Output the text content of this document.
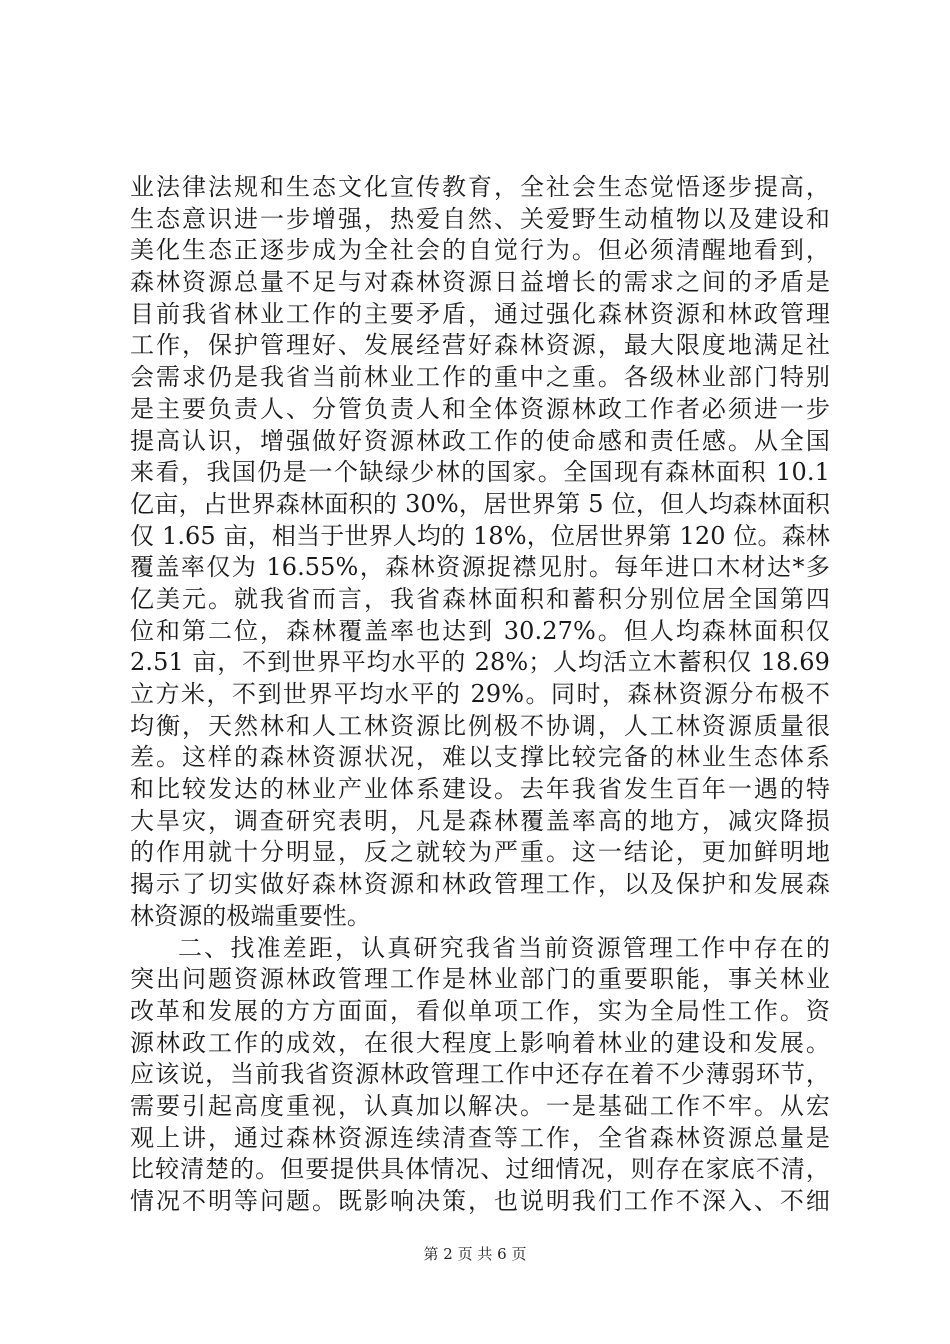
业法律法规和生态文化宣传教育，全社会生态觉悟逐步提高，
生态意识进一步增强，热爱自然、关爱野生动植物以及建设和
美化生态正逐步成为全社会的自觉行为。但必须清醒地看到，
森林资源总量不足与对森林资源日益增长的需求之间的矛盾是
目前我省林业工作的主要矛盾，通过强化森林资源和林政管理
工作，保护管理好、发展经营好森林资源，最大限度地满足社
会需求仍是我省当前林业工作的重中之重。各级林业部门特别
是主要负责人、分管负责人和全体资源林政工作者必须进一步
提高认识，增强做好资源林政工作的使命感和责任感。从全国
来看，我国仍是一个缺绿少林的国家。全国现有森林面积 10.1
亿亩，占世界森林面积的 30%，居世界第 5 位，但人均森林面积
仅 1.65 亩，相当于世界人均的 18%，位居世界第 120 位。森林
覆盖率仅为 16.55%，森林资源捉襟见肘。每年进口木材达*多
亿美元。就我省而言，我省森林面积和蓄积分别位居全国第四
位和第二位，森林覆盖率也达到 30.27%。但人均森林面积仅
2.51 亩，不到世界平均水平的 28%；人均活立木蓄积仅 18.69
立方米，不到世界平均水平的 29%。同时，森林资源分布极不
均衡，天然林和人工林资源比例极不协调，人工林资源质量很
差。这样的森林资源状况，难以支撑比较完备的林业生态体系
和比较发达的林业产业体系建设。去年我省发生百年一遇的特
大旱灾，调查研究表明，凡是森林覆盖率高的地方，减灾降损
的作用就十分明显，反之就较为严重。这一结论，更加鲜明地
揭示了切实做好森林资源和林政管理工作，以及保护和发展森
林资源的极端重要性。
二、找准差距，认真研究我省当前资源管理工作中存在的
突出问题资源林政管理工作是林业部门的重要职能，事关林业
改革和发展的方方面面，看似单项工作，实为全局性工作。资
源林政工作的成效，在很大程度上影响着林业的建设和发展。
应该说，当前我省资源林政管理工作中还存在着不少薄弱环节，
需要引起高度重视，认真加以解决。一是基础工作不牢。从宏
观上讲，通过森林资源连续清查等工作，全省森林资源总量是
比较清楚的。但要提供具体情况、过细情况，则存在家底不清，
情况不明等问题。既影响决策，也说明我们工作不深入、不细
第 2 页 共 6 页
